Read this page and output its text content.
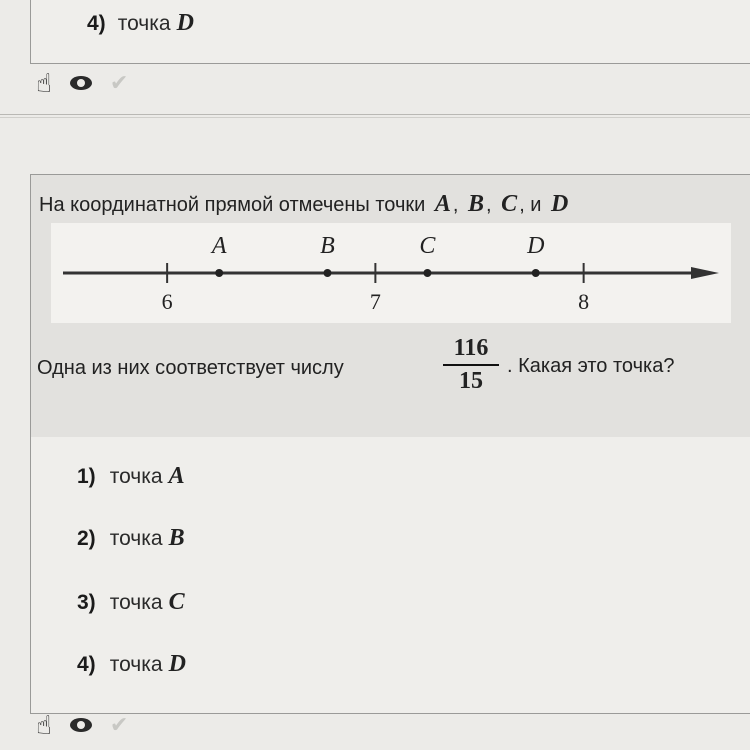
4) точка D
☝	✔
На координатной прямой отмечены точки A , B , C , и D
6	7	8
A	B	C	D
Одна из них соответствует числу	$\frac{116}{15}$ . Какая это точка?
1) точка A
2) точка B
3) точка C
4) точка D
☝	✔
